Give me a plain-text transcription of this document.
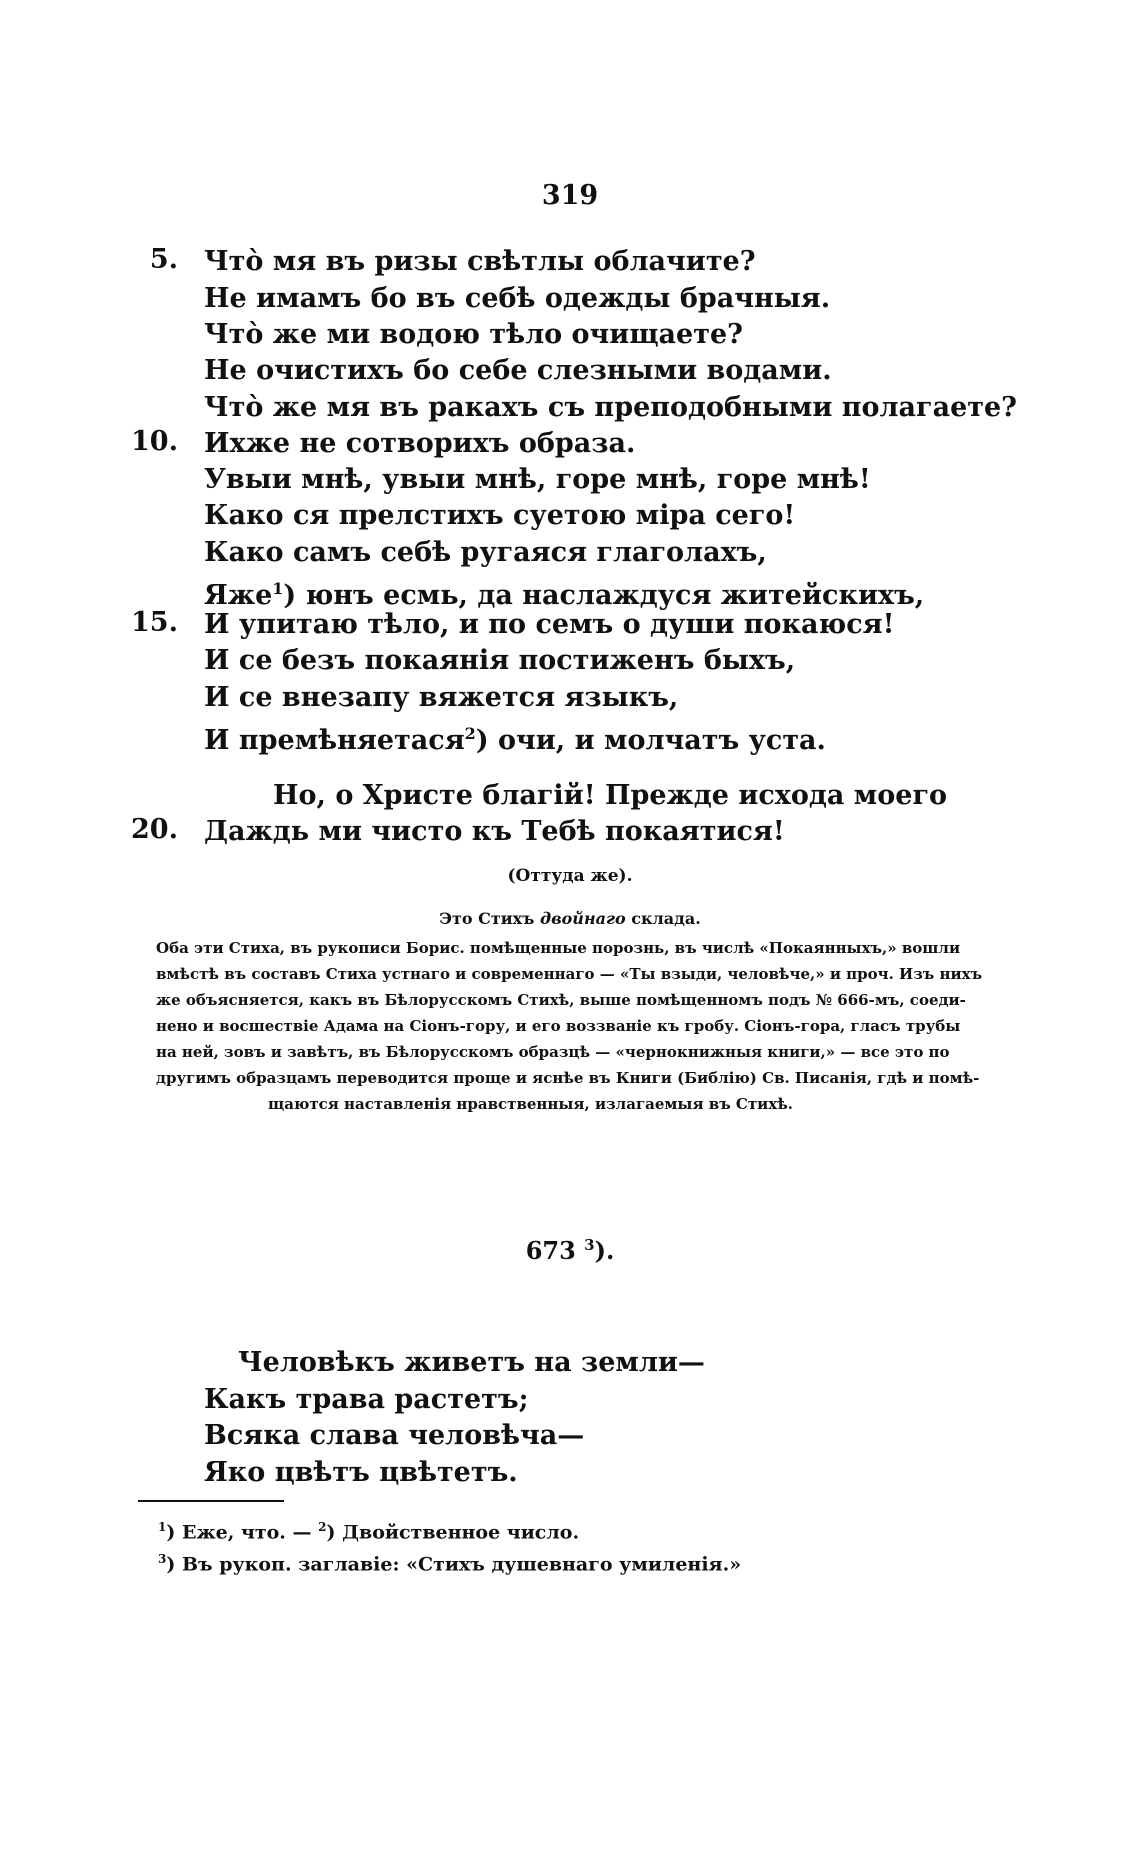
319
5. Что̀ мя въ ризы свѣтлы облачите?
Не имамъ бо въ себѣ одежды брачныя.
Что̀ же ми водою тѣло очищаете?
Не очистихъ бо себе слезными водами.
Что̀ же мя въ ракахъ съ преподобными полагаете?
10. Ихже не сотворихъ образа.
Увыи мнѣ, увыи мнѣ, горе мнѣ, горе мнѣ!
Како ся прелстихъ суетою міра сего!
Како самъ себѣ ругаяся глаголахъ,
Яже$^1$) юнъ есмь, да наслаждуся житейскихъ,
15. И упитаю тѣло, и по семъ о души покаюся!
И се безъ покаянія постиженъ быхъ,
И се внезапу вяжется языкъ,
И премѣняетася$^2$) очи, и молчатъ уста.
Но, о Христе благій! Прежде исхода моего
20. Даждь ми чисто къ Тебѣ покаятися!
(Оттуда же).
Это Стихъ двойнаго склада.
Оба эти Стиха, въ рукописи Борис. помѣщенные порознь, въ числѣ «Покаянныхъ,» вошли
вмѣстѣ въ составъ Стиха устнаго и современнаго — «Ты взыди, человѣче,» и проч. Изъ нихъ
же объясняется, какъ въ Бѣлорусскомъ Стихѣ, выше помѣщенномъ подъ № 666-мъ, соеди-
нено и восшествіе Адама на Сіонъ-гору, и его воззваніе къ гробу. Сіонъ-гора, гласъ трубы
на ней, зовъ и завѣтъ, въ Бѣлорусскомъ образцѣ — «чернокнижныя книги,» — все это по
другимъ образцамъ переводится проще и яснѣе въ Книги (Библію) Св. Писанія, гдѣ и помѣ-
щаются наставленія нравственныя, излагаемыя въ Стихѣ.
673 $^3$).
Человѣкъ живетъ на земли—
Какъ трава растетъ;
Всяка слава человѣча—
Яко цвѣтъ цвѣтетъ.
$^1$) Еже, что. — $^2$) Двойственное число.
$^3$) Въ рукоп. заглавіе: «Стихъ душевнаго умиленія.»
